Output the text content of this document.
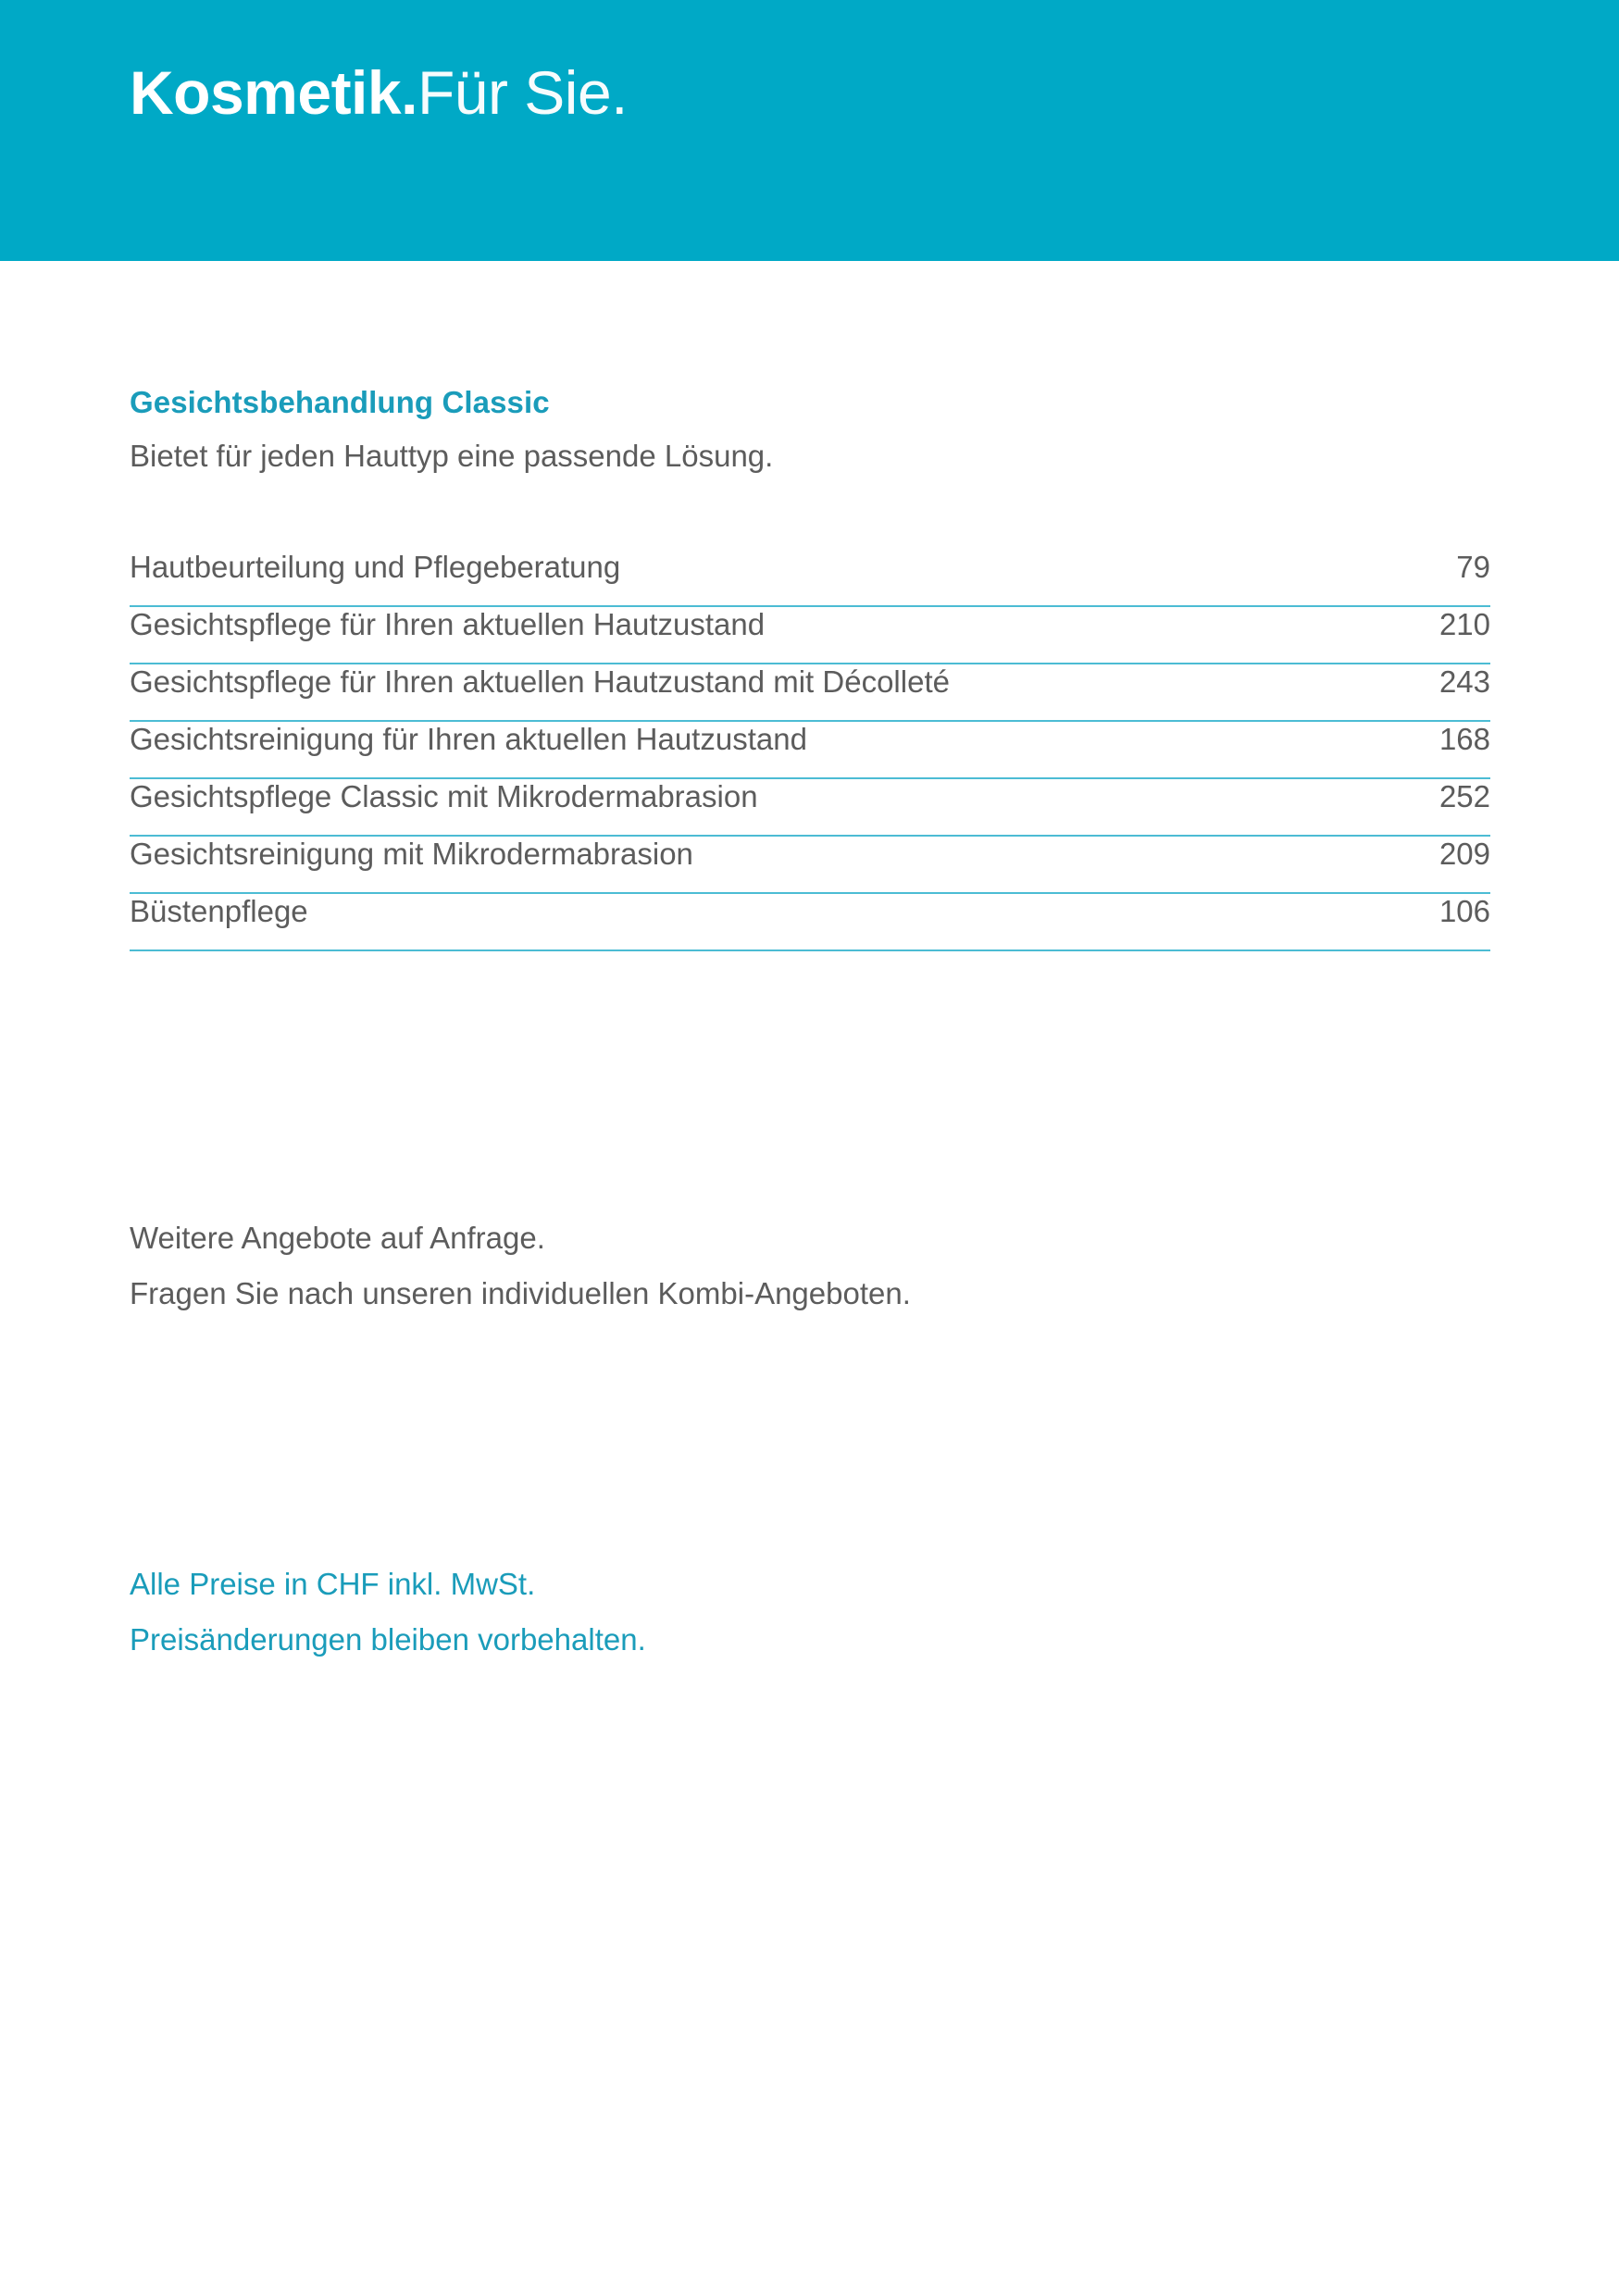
Kosmetik.Für Sie.
Gesichtsbehandlung Classic
Bietet für jeden Hauttyp eine passende Lösung.
Hautbeurteilung und Pflegeberatung	79
Gesichtspflege für Ihren aktuellen Hautzustand	210
Gesichtspflege für Ihren aktuellen Hautzustand mit Décolleté	243
Gesichtsreinigung für Ihren aktuellen Hautzustand	168
Gesichtspflege Classic mit Mikrodermabrasion	252
Gesichtsreinigung mit Mikrodermabrasion	209
Büstenpflege	106
Weitere Angebote auf Anfrage.
Fragen Sie nach unseren individuellen Kombi-Angeboten.
Alle Preise in CHF inkl. MwSt.
Preisänderungen bleiben vorbehalten.
